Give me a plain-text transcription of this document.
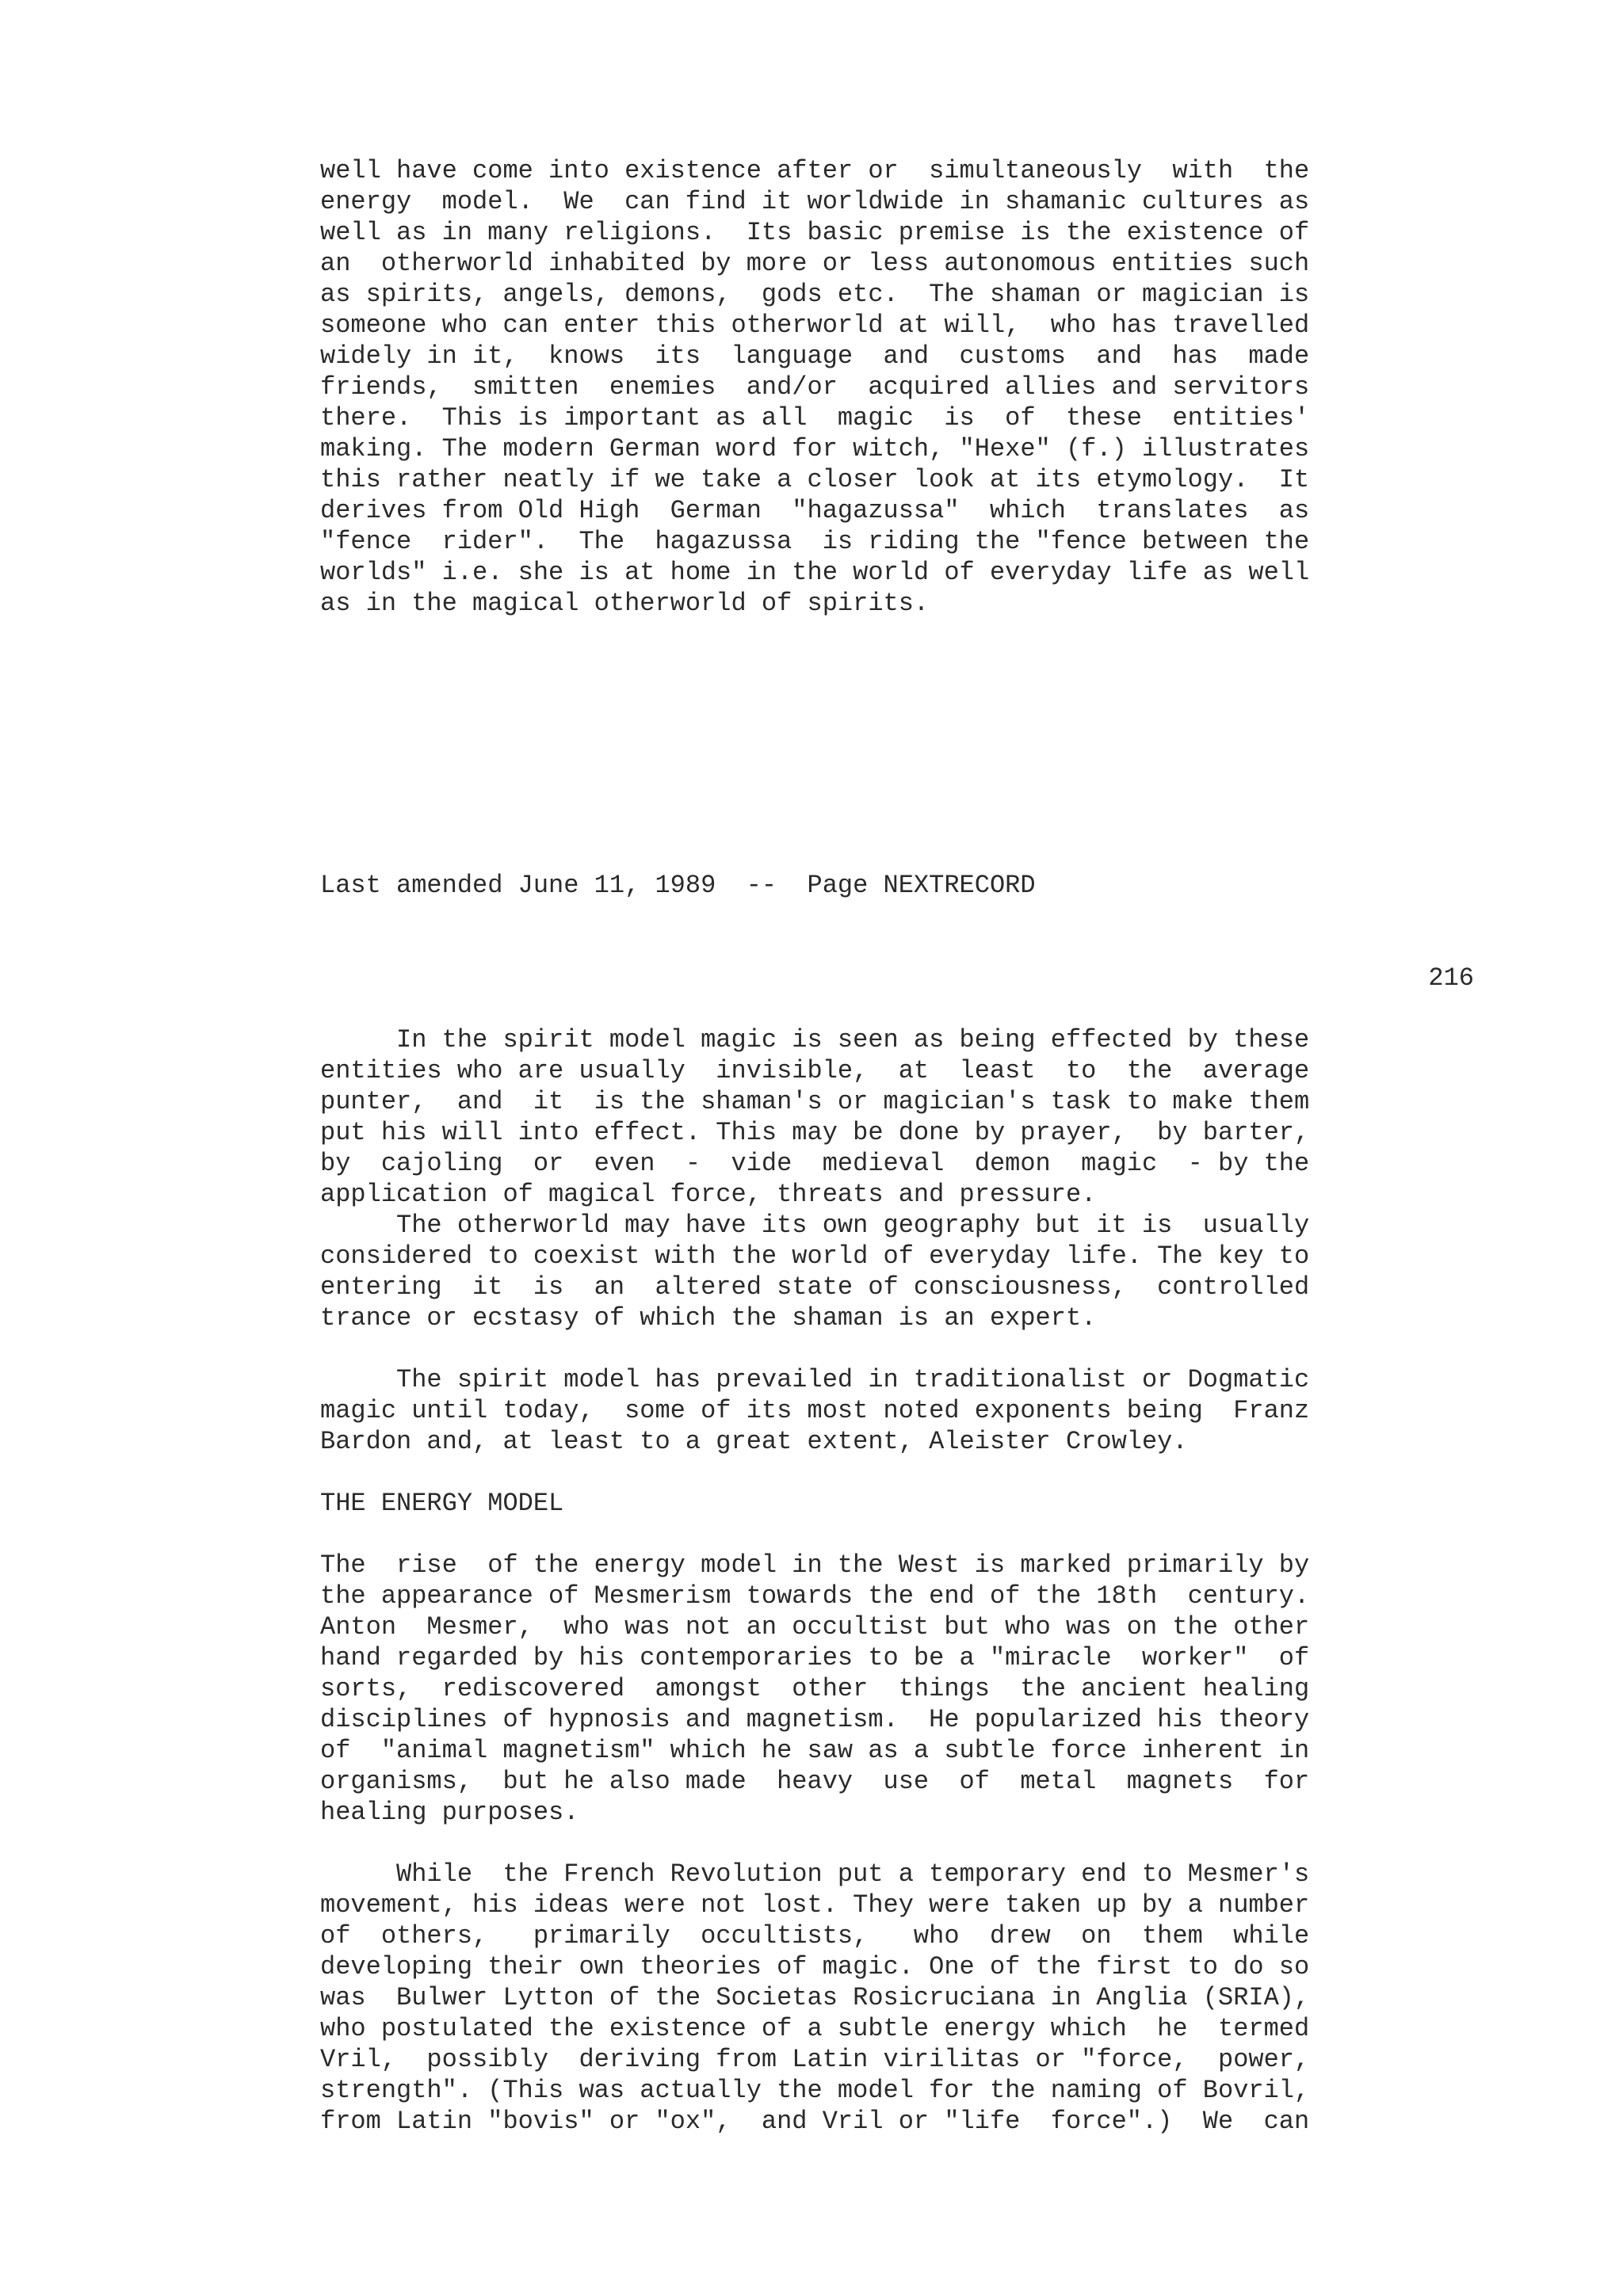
well have come into existence after or  simultaneously  with  the
energy  model.  We  can find it worldwide in shamanic cultures as
well as in many religions.  Its basic premise is the existence of
an  otherworld inhabited by more or less autonomous entities such
as spirits, angels, demons,  gods etc.  The shaman or magician is
someone who can enter this otherworld at will,  who has travelled
widely in it,  knows  its  language  and  customs  and  has  made
friends,  smitten  enemies  and/or  acquired allies and servitors
there.  This is important as all  magic  is  of  these  entities'
making. The modern German word for witch, "Hexe" (f.) illustrates
this rather neatly if we take a closer look at its etymology.  It
derives from Old High  German  "hagazussa"  which  translates  as
"fence  rider".  The  hagazussa  is riding the "fence between the
worlds" i.e. she is at home in the world of everyday life as well
as in the magical otherworld of spirits.
Last amended June 11, 1989  --  Page NEXTRECORD
216
In the spirit model magic is seen as being effected by these
entities who are usually  invisible,  at  least  to  the  average
punter,  and  it  is the shaman's or magician's task to make them
put his will into effect. This may be done by prayer,  by barter,
by  cajoling  or  even  -  vide  medieval  demon  magic  - by the
application of magical force, threats and pressure.
The otherworld may have its own geography but it is  usually
considered to coexist with the world of everyday life. The key to
entering  it  is  an  altered state of consciousness,  controlled
trance or ecstasy of which the shaman is an expert.

The spirit model has prevailed in traditionalist or Dogmatic
magic until today,  some of its most noted exponents being  Franz
Bardon and, at least to a great extent, Aleister Crowley.

THE ENERGY MODEL

The  rise  of the energy model in the West is marked primarily by
the appearance of Mesmerism towards the end of the 18th  century.
Anton  Mesmer,  who was not an occultist but who was on the other
hand regarded by his contemporaries to be a "miracle  worker"  of
sorts,  rediscovered  amongst  other  things  the ancient healing
disciplines of hypnosis and magnetism.  He popularized his theory
of  "animal magnetism" which he saw as a subtle force inherent in
organisms,  but he also made  heavy  use  of  metal  magnets  for
healing purposes.

While  the French Revolution put a temporary end to Mesmer's
movement, his ideas were not lost. They were taken up by a number
of  others,   primarily  occultists,   who  drew  on  them  while
developing their own theories of magic. One of the first to do so
was  Bulwer Lytton of the Societas Rosicruciana in Anglia (SRIA),
who postulated the existence of a subtle energy which  he  termed
Vril,  possibly  deriving from Latin virilitas or "force,  power,
strength". (This was actually the model for the naming of Bovril,
from Latin "bovis" or "ox",  and Vril or "life  force".)  We  can
